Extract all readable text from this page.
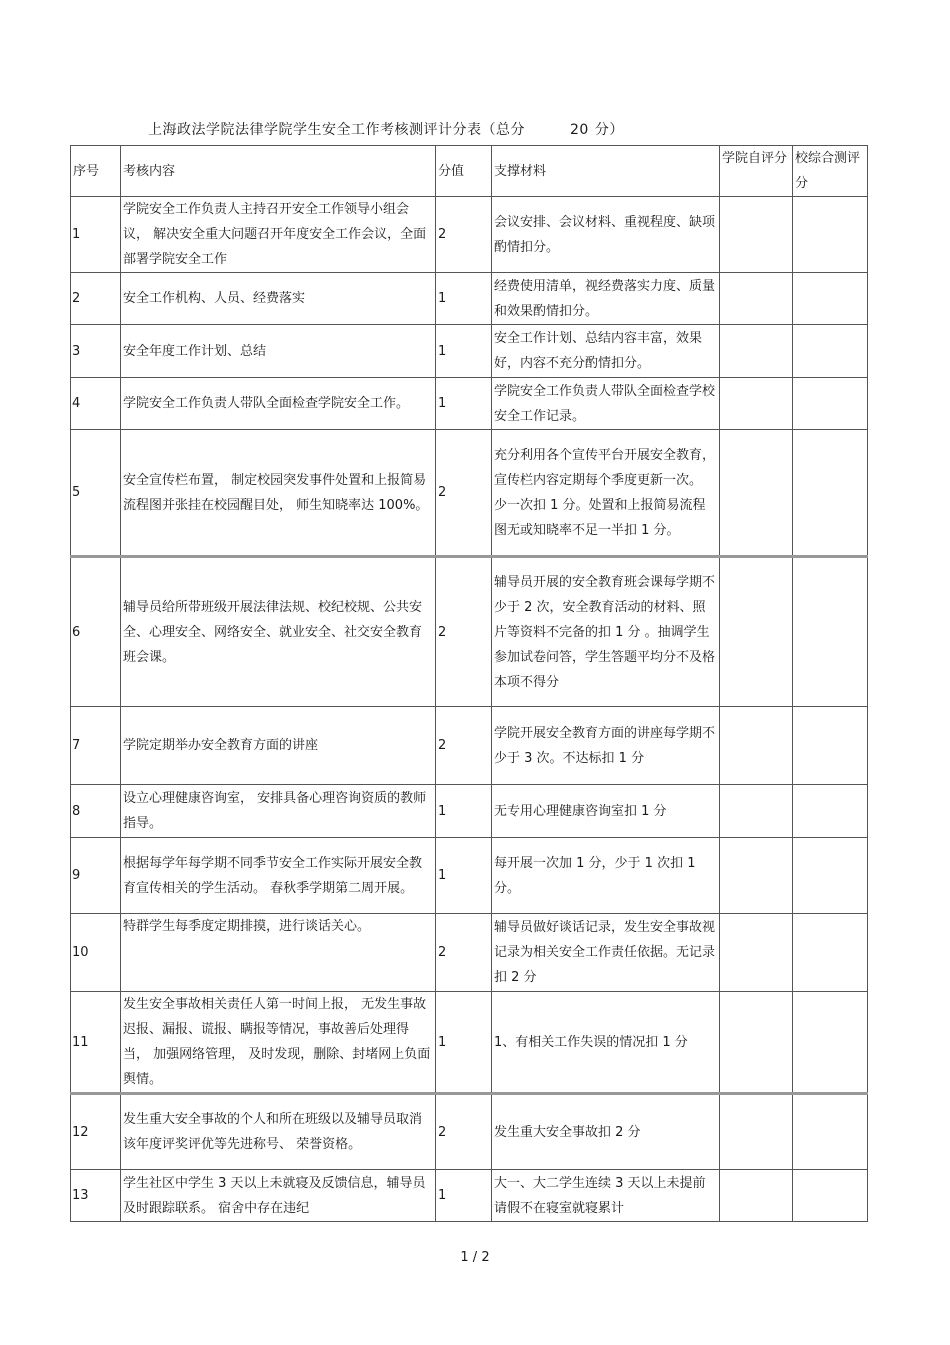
上海政法学院法律学院学生安全工作考核测评计分表（总分	20 分）
序号	考核内容	分值	支撑材料	学院自评分	校综合测评分
1	学院安全工作负责人主持召开安全工作领导小组会议， 解决安全重大问题召开年度安全工作会议，全面部署学院安全工作	2	会议安排、会议材料、重视程度、缺项酌情扣分。		
2	安全工作机构、人员、经费落实	1	经费使用清单，视经费落实力度、质量和效果酌情扣分。		
3	安全年度工作计划、总结	1	安全工作计划、总结内容丰富，效果好，内容不充分酌情扣分。		
4	学院安全工作负责人带队全面检查学院安全工作。	1	学院安全工作负责人带队全面检查学校安全工作记录。		
5	安全宣传栏布置， 制定校园突发事件处置和上报简易流程图并张挂在校园醒目处， 师生知晓率达 100%。	2	充分利用各个宣传平台开展安全教育，宣传栏内容定期每个季度更新一次。 少一次扣 1 分。处置和上报简易流程图无或知晓率不足一半扣 1 分。		
6	辅导员给所带班级开展法律法规、校纪校规、公共安全、心理安全、网络安全、就业安全、社交安全教育班会课。	2	辅导员开展的安全教育班会课每学期不少于 2 次，安全教育活动的材料、照片等资料不完备的扣 1 分 。抽调学生参加试卷问答，学生答题平均分不及格本项不得分		
7	学院定期举办安全教育方面的讲座	2	学院开展安全教育方面的讲座每学期不少于 3 次。不达标扣 1 分		
8	设立心理健康咨询室， 安排具备心理咨询资质的教师指导。	1	无专用心理健康咨询室扣 1 分		
9	根据每学年每学期不同季节安全工作实际开展安全教育宣传相关的学生活动。 春秋季学期第二周开展。	1	每开展一次加 1 分，少于 1 次扣 1 分。		
10	特群学生每季度定期排摸，进行谈话关心。	2	辅导员做好谈话记录，发生安全事故视记录为相关安全工作责任依据。无记录扣 2 分		
11	发生安全事故相关责任人第一时间上报， 无发生事故迟报、漏报、谎报、瞒报等情况，事故善后处理得当， 加强网络管理， 及时发现，删除、封堵网上负面舆情。	1	1、有相关工作失误的情况扣 1 分		
12	发生重大安全事故的个人和所在班级以及辅导员取消该年度评奖评优等先进称号、 荣誉资格。	2	发生重大安全事故扣 2 分		
13	学生社区中学生 3 天以上未就寝及反馈信息，辅导员及时跟踪联系。 宿舍中存在违纪	1	大一、大二学生连续 3 天以上未提前请假不在寝室就寝累计		
1 / 2
